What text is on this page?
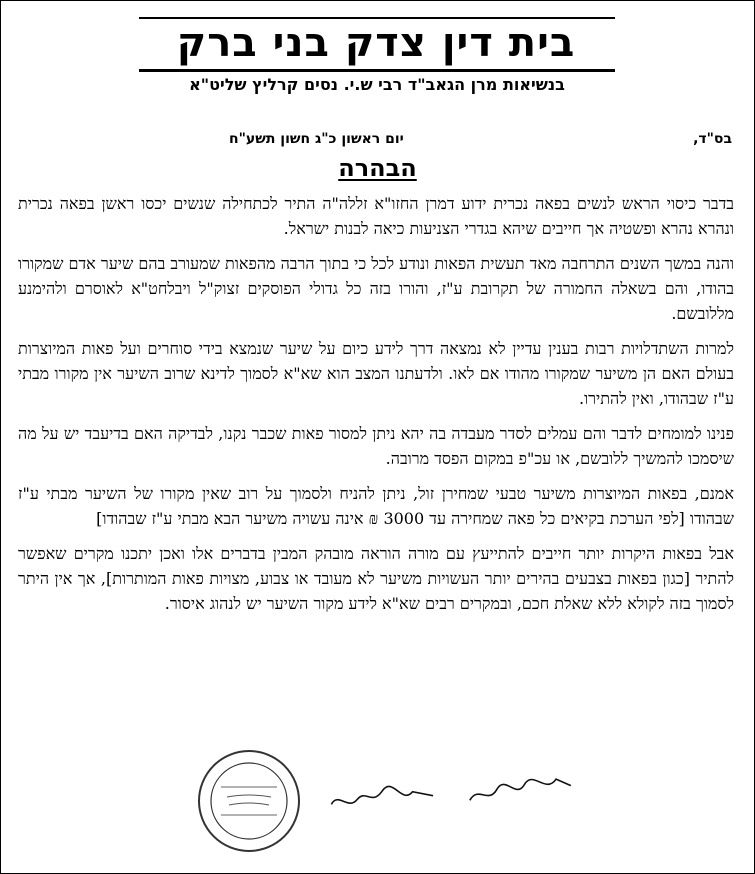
בית דין צדק בני ברק
בנשיאות מרן הגאב"ד רבי ש.י. נסים קרליץ שליט"א
בס"ד,
יום ראשון כ"ג חשון תשע"ח
הבהרה

בדבר כיסוי הראש לנשים בפאה נכרית ידוע דמרן החזו"א זללה"ה התיר לכתחילה שנשים יכסו ראשן בפאה נכרית ונהרא נהרא ופשטיה אך חייבים שיהא בגדרי הצניעות כיאה לבנות ישראל.

והנה במשך השנים התרחבה מאד תעשית הפאות ונודע לכל כי בתוך הרבה מהפאות שמעורב בהם שיער אדם שמקורו בהודו, והם בשאלה החמורה של תקרובת ע"ז, והורו בזה כל גדולי הפוסקים זצוק"ל ויבלחט"א לאוסרם ולהימנע מללובשם.

למרות השתדלויות רבות בענין עדיין לא נמצאה דרך לידע כיום על שיער שנמצא בידי סוחרים ועל פאות המיוצרות בעולם האם הן משיער שמקורו מהודו אם לאו. ולדעתנו המצב הוא שא"א לסמוך לדינא שרוב השיער אין מקורו מבתי ע"ז שבהודו, ואין להתירו.

פנינו למומחים לדבר והם עמלים לסדר מעבדה בה יהא ניתן למסור פאות שכבר נקנו, לבדיקה האם בדיעבד יש על מה שיסמכו להמשיך ללובשם, או עכ"פ במקום הפסד מרובה.

אמנם, בפאות המיוצרות משיער טבעי שמחירן זול, ניתן להניח ולסמוך על רוב שאין מקורו של השיער מבתי ע"ז שבהודו [לפי הערכת בקיאים כל פאה שמחירה עד 3000 ₪ אינה עשויה משיער הבא מבתי ע"ז שבהודו]

אבל בפאות היקרות יותר חייבים להתייעץ עם מורה הוראה מובהק המבין בדברים אלו ואכן יתכנו מקרים שאפשר להתיר [כגון בפאות בצבעים בהירים יותר העשויות משיער לא מעובד או צבוע, מצויות פאות המותרות], אך אין היתר לסמוך בזה לקולא ללא שאלת חכם, ובמקרים רבים שא"א לידע מקור השיער יש לנהוג איסור.
